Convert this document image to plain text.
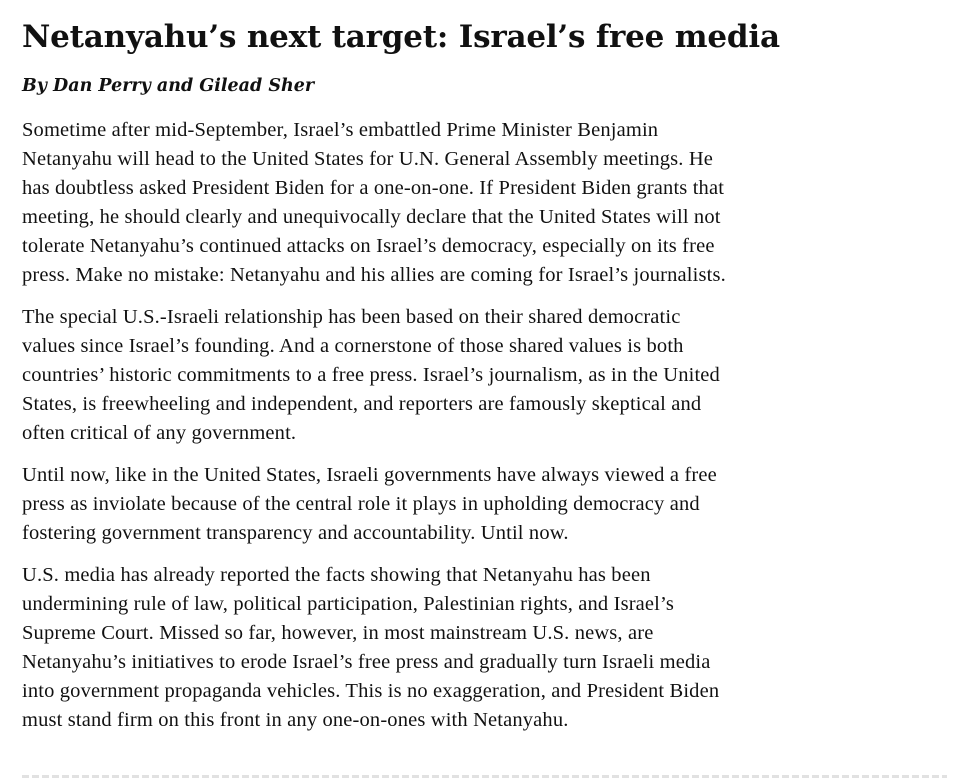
Netanyahu’s next target: Israel’s free media
By Dan Perry and Gilead Sher

Sometime after mid-September, Israel’s embattled Prime Minister Benjamin
Netanyahu will head to the United States for U.N. General Assembly meetings. He
has doubtless asked President Biden for a one-on-one. If President Biden grants that
meeting, he should clearly and unequivocally declare that the United States will not
tolerate Netanyahu’s continued attacks on Israel’s democracy, especially on its free
press. Make no mistake: Netanyahu and his allies are coming for Israel’s journalists.

The special U.S.-Israeli relationship has been based on their shared democratic
values since Israel’s founding. And a cornerstone of those shared values is both
countries’ historic commitments to a free press. Israel’s journalism, as in the United
States, is freewheeling and independent, and reporters are famously skeptical and
often critical of any government.

Until now, like in the United States, Israeli governments have always viewed a free
press as inviolate because of the central role it plays in upholding democracy and
fostering government transparency and accountability. Until now.

U.S. media has already reported the facts showing that Netanyahu has been
undermining rule of law, political participation, Palestinian rights, and Israel’s
Supreme Court. Missed so far, however, in most mainstream U.S. news, are
Netanyahu’s initiatives to erode Israel’s free press and gradually turn Israeli media
into government propaganda vehicles. This is no exaggeration, and President Biden
must stand firm on this front in any one-on-ones with Netanyahu.
